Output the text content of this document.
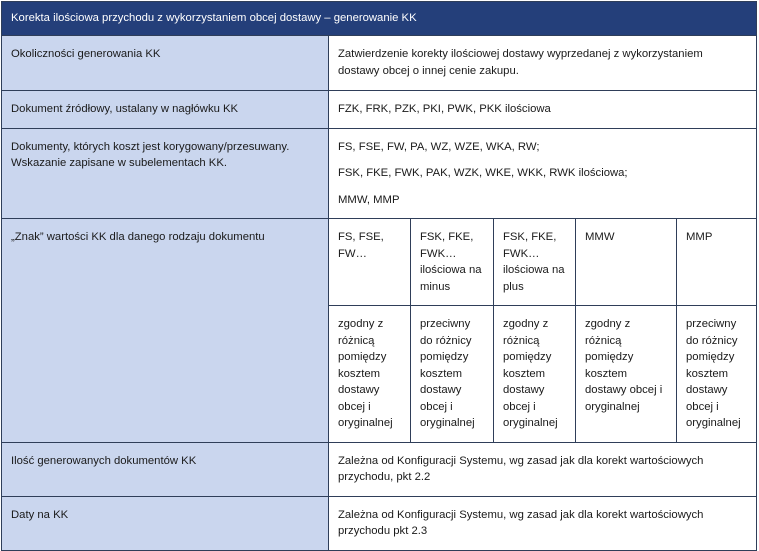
Korekta ilościowa przychodu z wykorzystaniem obcej dostawy – generowanie KK					
Okoliczności generowania KK	Zatwierdzenie korekty ilościowej dostawy wyprzedanej z wykorzystaniem dostawy obcej o innej cenie zakupu.				
Dokument źródłowy, ustalany w nagłówku KK	FZK, FRK, PZK, PKI, PWK, PKK ilościowa				
Dokumenty, których koszt jest korygowany/przesuwany. Wskazanie zapisane w subelementach KK.	FS, FSE, FW, PA, WZ, WZE, WKA, RW;
FSK, FKE, FWK, PAK, WZK, WKE, WKK, RWK ilościowa;
MMW, MMP				

„Znak” wartości KK dla danego rodzaju dokumentu	FS, FSE, FW…	FSK, FKE, FWK… ilościowa na minus	FSK, FKE, FWK… ilościowa na plus	MMW	MMP
	zgodny z różnicą pomiędzy kosztem dostawy obcej i oryginalnej	przeciwny do różnicy pomiędzy kosztem dostawy obcej i oryginalnej	zgodny z różnicą pomiędzy kosztem dostawy obcej i oryginalnej	zgodny z różnicą pomiędzy kosztem dostawy obcej i oryginalnej	przeciwny do różnicy pomiędzy kosztem dostawy obcej i oryginalnej
Ilość generowanych dokumentów KK	Zależna od Konfiguracji Systemu, wg zasad jak dla korekt wartościowych przychodu, pkt 2.2				
Daty na KK	Zależna od Konfiguracji Systemu, wg zasad jak dla korekt wartościowych przychodu pkt 2.3				
